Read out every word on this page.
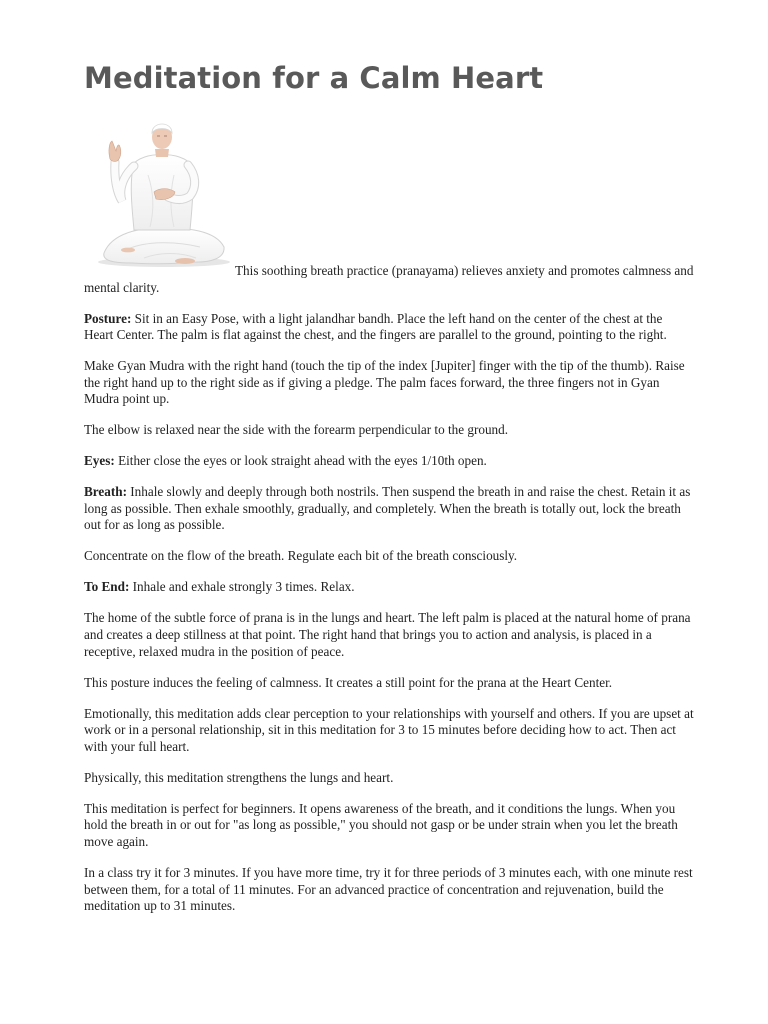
Meditation for a Calm Heart

This soothing breath practice (pranayama) relieves anxiety and promotes calmness and mental clarity.

Posture: Sit in an Easy Pose, with a light jalandhar bandh. Place the left hand on the center of the chest at the Heart Center. The palm is flat against the chest, and the fingers are parallel to the ground, pointing to the right.

Make Gyan Mudra with the right hand (touch the tip of the index [Jupiter] finger with the tip of the thumb). Raise the right hand up to the right side as if giving a pledge. The palm faces forward, the three fingers not in Gyan Mudra point up.

The elbow is relaxed near the side with the forearm perpendicular to the ground.

Eyes: Either close the eyes or look straight ahead with the eyes 1/10th open.

Breath: Inhale slowly and deeply through both nostrils. Then suspend the breath in and raise the chest. Retain it as long as possible. Then exhale smoothly, gradually, and completely. When the breath is totally out, lock the breath out for as long as possible.

Concentrate on the flow of the breath. Regulate each bit of the breath consciously.

To End: Inhale and exhale strongly 3 times. Relax.

The home of the subtle force of prana is in the lungs and heart. The left palm is placed at the natural home of prana and creates a deep stillness at that point. The right hand that brings you to action and analysis, is placed in a receptive, relaxed mudra in the position of peace.

This posture induces the feeling of calmness. It creates a still point for the prana at the Heart Center.

Emotionally, this meditation adds clear perception to your relationships with yourself and others. If you are upset at work or in a personal relationship, sit in this meditation for 3 to 15 minutes before deciding how to act. Then act with your full heart.

Physically, this meditation strengthens the lungs and heart.

This meditation is perfect for beginners. It opens awareness of the breath, and it conditions the lungs. When you hold the breath in or out for "as long as possible," you should not gasp or be under strain when you let the breath move again.

In a class try it for 3 minutes. If you have more time, try it for three periods of 3 minutes each, with one minute rest between them, for a total of 11 minutes. For an advanced practice of concentration and rejuvenation, build the meditation up to 31 minutes.
